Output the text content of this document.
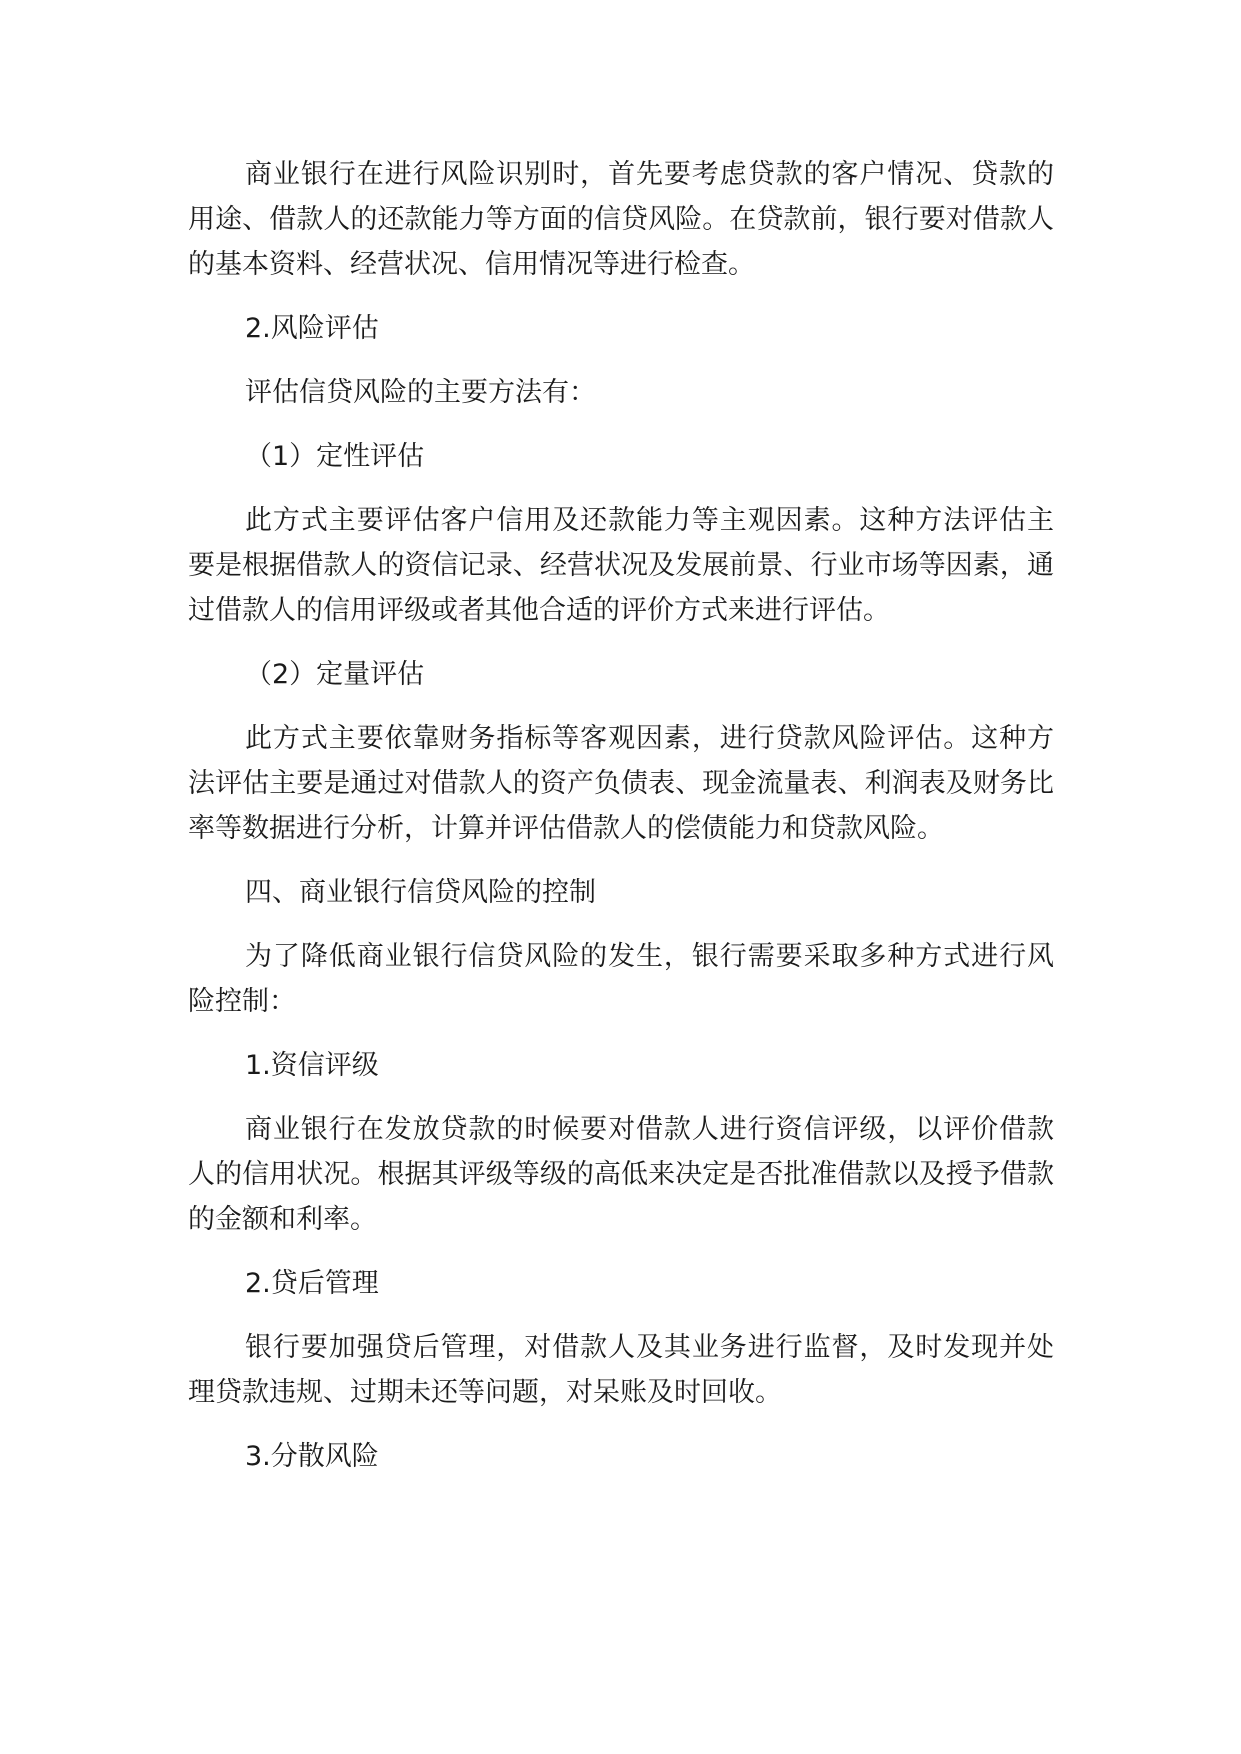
商业银行在进行风险识别时，首先要考虑贷款的客户情况、贷款的用途、借款人的还款能力等方面的信贷风险。在贷款前，银行要对借款人的基本资料、经营状况、信用情况等进行检查。

2.风险评估

评估信贷风险的主要方法有：

（1）定性评估

此方式主要评估客户信用及还款能力等主观因素。这种方法评估主要是根据借款人的资信记录、经营状况及发展前景、行业市场等因素，通过借款人的信用评级或者其他合适的评价方式来进行评估。

（2）定量评估

此方式主要依靠财务指标等客观因素，进行贷款风险评估。这种方法评估主要是通过对借款人的资产负债表、现金流量表、利润表及财务比率等数据进行分析，计算并评估借款人的偿债能力和贷款风险。

四、商业银行信贷风险的控制

为了降低商业银行信贷风险的发生，银行需要采取多种方式进行风险控制：

1.资信评级

商业银行在发放贷款的时候要对借款人进行资信评级，以评价借款人的信用状况。根据其评级等级的高低来决定是否批准借款以及授予借款的金额和利率。

2.贷后管理

银行要加强贷后管理，对借款人及其业务进行监督，及时发现并处理贷款违规、过期未还等问题，对呆账及时回收。

3.分散风险
